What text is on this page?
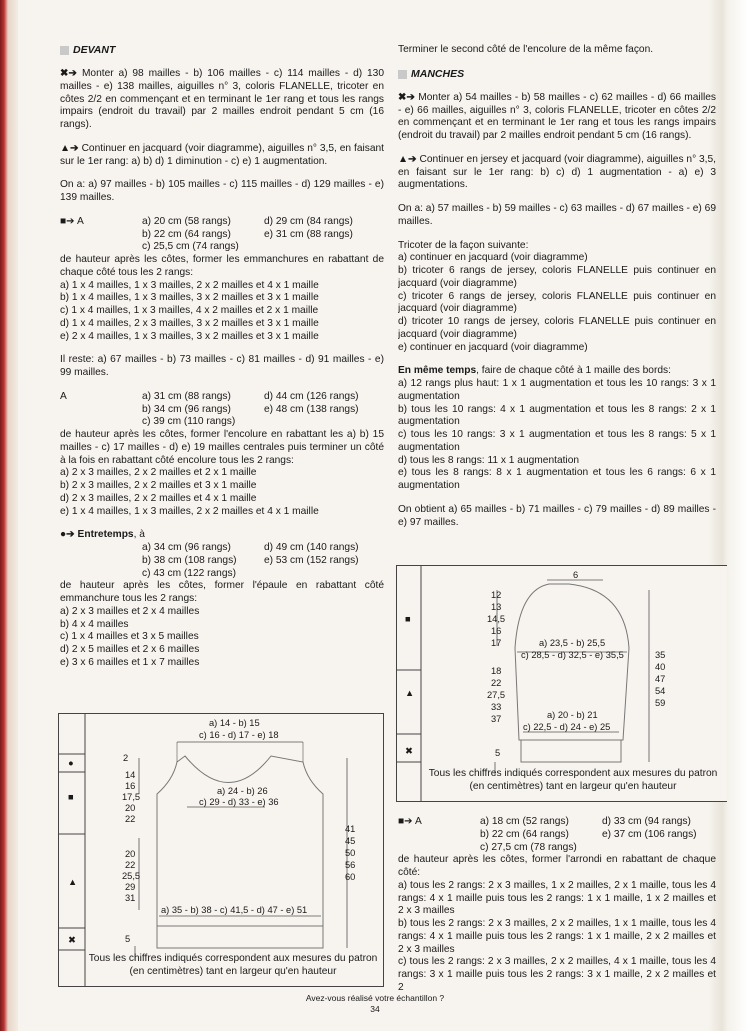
DEVANT

✖➔ Monter a) 98 mailles - b) 106 mailles - c) 114 mailles - d) 130 mailles - e) 138 mailles, aiguilles n° 3, coloris FLANELLE, tricoter en côtes 2/2 en commençant et en terminant le 1er rang et tous les rangs impairs (endroit du travail) par 2 mailles endroit pendant 5 cm (16 rangs).

▲➔ Continuer en jacquard (voir diagramme), aiguilles n° 3,5, en faisant sur le 1er rang: a) b) d) 1 diminution - c) e) 1 augmentation.

On a: a) 97 mailles - b) 105 mailles - c) 115 mailles - d) 129 mailles - e) 139 mailles.

■➔ A	a) 20 cm (58 rangs)	d) 29 cm (84 rangs)
b) 22 cm (64 rangs)	e) 31 cm (88 rangs)
c) 25,5 cm (74 rangs)

de hauteur après les côtes, former les emmanchures en rabattant de chaque côté tous les 2 rangs:

a) 1 x 4 mailles, 1 x 3 mailles, 2 x 2 mailles et 4 x 1 maille

b) 1 x 4 mailles, 1 x 3 mailles, 3 x 2 mailles et 3 x 1 maille

c) 1 x 4 mailles, 1 x 3 mailles, 4 x 2 mailles et 2 x 1 maille

d) 1 x 4 mailles, 2 x 3 mailles, 3 x 2 mailles et 3 x 1 maille

e) 2 x 4 mailles, 1 x 3 mailles, 3 x 2 mailles et 3 x 1 maille

Il reste: a) 67 mailles - b) 73 mailles - c) 81 mailles - d) 91 mailles - e) 99 mailles.

A	a) 31 cm (88 rangs)	d) 44 cm (126 rangs)
b) 34 cm (96 rangs)	e) 48 cm (138 rangs)
c) 39 cm (110 rangs)

de hauteur après les côtes, former l'encolure en rabattant les a) b) 15 mailles - c) 17 mailles - d) e) 19 mailles centrales puis terminer un côté à la fois en rabattant côté encolure tous les 2 rangs:

a) 2 x 3 mailles, 2 x 2 mailles et 2 x 1 maille

b) 2 x 3 mailles, 2 x 2 mailles et 3 x 1 maille

d) 2 x 3 mailles, 2 x 2 mailles et 4 x 1 maille

e) 1 x 4 mailles, 1 x 3 mailles, 2 x 2 mailles et 4 x 1 maille

●➔ Entretemps, à

a) 34 cm (96 rangs)	d) 49 cm (140 rangs)
b) 38 cm (108 rangs)	e) 53 cm (152 rangs)
c) 43 cm (122 rangs)

de hauteur après les côtes, former l'épaule en rabattant côté emmanchure tous les 2 rangs:

a) 2 x 3 mailles et 2 x 4 mailles

b) 4 x 4 mailles

c) 1 x 4 mailles et 3 x 5 mailles

d) 2 x 5 mailles et 2 x 6 mailles

e) 3 x 6 mailles et 1 x 7 mailles

●
■
▲
✖
a) 14 - b) 15
c) 16 - d) 17 - e) 18
2
14
16
17,5
20
22
a) 24 - b) 26
c) 29 - d) 33 - e) 36
20
22
25,5
29
31
41
45
50
56
60
a) 35 - b) 38 - c) 41,5 - d) 47 - e) 51
5
Tous les chiffres indiqués correspondent aux mesures du patron (en centimètres) tant en largeur qu'en hauteur

Terminer le second côté de l'encolure de la même façon.

MANCHES

✖➔ Monter a) 54 mailles - b) 58 mailles - c) 62 mailles - d) 66 mailles - e) 66 mailles, aiguilles n° 3, coloris FLANELLE, tricoter en côtes 2/2 en commençant et en terminant le 1er rang et tous les rangs impairs (endroit du travail) par 2 mailles endroit pendant 5 cm (16 rangs).

▲➔ Continuer en jersey et jacquard (voir diagramme), aiguilles n° 3,5, en faisant sur le 1er rang: b) c) d) 1 augmentation - a) e) 3 augmentations.

On a: a) 57 mailles - b) 59 mailles - c) 63 mailles - d) 67 mailles - e) 69 mailles.

Tricoter de la façon suivante:

a) continuer en jacquard (voir diagramme)

b) tricoter 6 rangs de jersey, coloris FLANELLE puis continuer en jacquard (voir diagramme)

c) tricoter 6 rangs de jersey, coloris FLANELLE puis continuer en jacquard (voir diagramme)

d) tricoter 10 rangs de jersey, coloris FLANELLE puis continuer en jacquard (voir diagramme)

e) continuer en jacquard (voir diagramme)

En même temps, faire de chaque côté à 1 maille des bords:

a) 12 rangs plus haut: 1 x 1 augmentation et tous les 10 rangs: 3 x 1 augmentation

b) tous les 10 rangs: 4 x 1 augmentation et tous les 8 rangs: 2 x 1 augmentation

c) tous les 10 rangs: 3 x 1 augmentation et tous les 8 rangs: 5 x 1 augmentation

d) tous les 8 rangs: 11 x 1 augmentation

e) tous les 8 rangs: 8 x 1 augmentation et tous les 6 rangs: 6 x 1 augmentation

On obtient a) 65 mailles - b) 71 mailles - c) 79 mailles - d) 89 mailles - e) 97 mailles.

■
▲
✖
6
12
13
14,5
16
17	a) 23,5 - b) 25,5
c) 28,5 - d) 32,5 - e) 35,5
18
22
27,5
33
37
35
40
47
54
59
a) 20 - b) 21
c) 22,5 - d) 24 - e) 25
5
Tous les chiffres indiqués correspondent aux mesures du patron (en centimètres) tant en largeur qu'en hauteur
■➔ A	a) 18 cm (52 rangs)	d) 33 cm (94 rangs)
b) 22 cm (64 rangs)	e) 37 cm (106 rangs)
c) 27,5 cm (78 rangs)

de hauteur après les côtes, former l'arrondi en rabattant de chaque côté:

a) tous les 2 rangs: 2 x 3 mailles, 1 x 2 mailles, 2 x 1 maille, tous les 4 rangs: 4 x 1 maille puis tous les 2 rangs: 1 x 1 maille, 1 x 2 mailles et 2 x 3 mailles

b) tous les 2 rangs: 2 x 3 mailles, 2 x 2 mailles, 1 x 1 maille, tous les 4 rangs: 4 x 1 maille puis tous les 2 rangs: 1 x 1 maille, 2 x 2 mailles et 2 x 3 mailles

c) tous les 2 rangs: 2 x 3 mailles, 2 x 2 mailles, 4 x 1 maille, tous les 4 rangs: 3 x 1 maille puis tous les 2 rangs: 3 x 1 maille, 2 x 2 mailles et 2

Avez-vous réalisé votre échantillon ?
34
